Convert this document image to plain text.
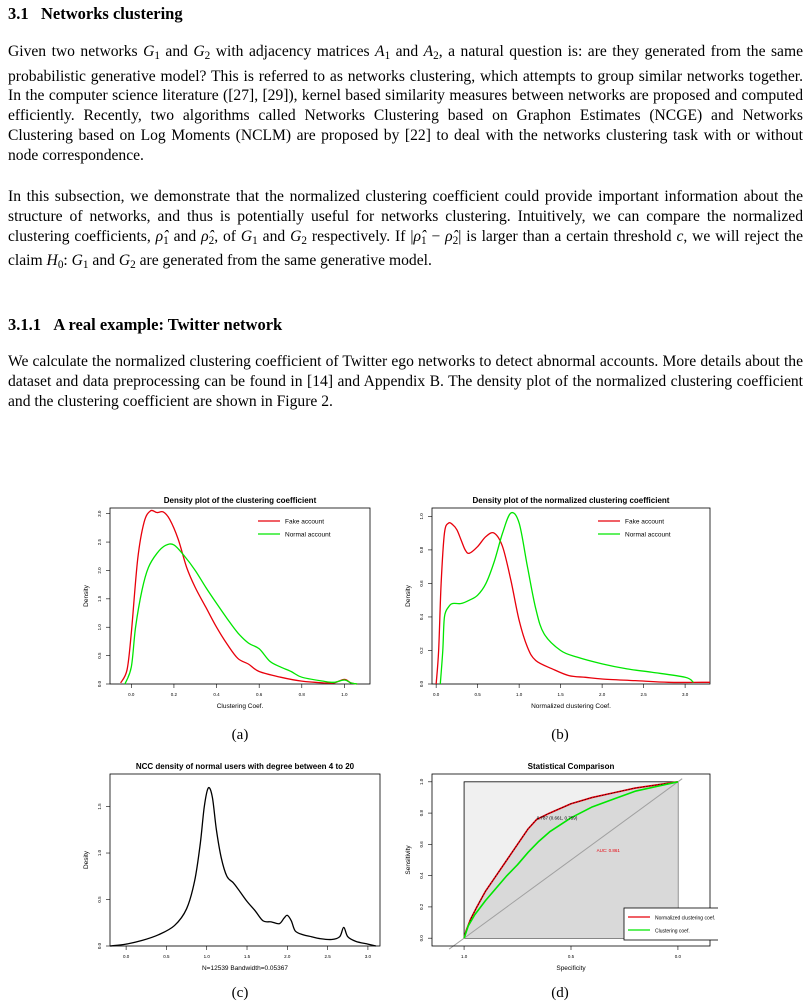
3.1 Networks clustering

Given two networks $G_1$ and $G_2$ with adjacency matrices $A_1$ and $A_2$, a natural question is: are they generated from the same probabilistic generative model? This is referred to as networks clustering, which attempts to group similar networks together. In the computer science literature ([27], [29]), kernel based similarity measures between networks are proposed and computed efficiently. Recently, two algorithms called Networks Clustering based on Graphon Estimates (NCGE) and Networks Clustering based on Log Moments (NCLM) are proposed by [22] to deal with the networks clustering task with or without node correspondence.

In this subsection, we demonstrate that the normalized clustering coefficient could provide important information about the structure of networks, and thus is potentially useful for networks clustering. Intuitively, we can compare the normalized clustering coefficients, $\rhô_1$ and $\rhô_2$, of $G_1$ and $G_2$ respectively. If $|\rhô_1$ − $\rhô_2|$ is larger than a certain threshold c, we will reject the claim $H_0$: $G_1$ and $G_2$ are generated from the same generative model.

3.1.1 A real example: Twitter network

We calculate the normalized clustering coefficient of Twitter ego networks to detect abnormal accounts. More details about the dataset and data preprocessing can be found in [14] and Appendix B. The density plot of the normalized clustering coefficient and the clustering coefficient are shown in Figure 2.

Density plot of the clustering coefficient
0.0	0.2	0.4	0.6	0.8	1.0
0.0
0.5
1.0
1.5
2.0
2.5
3.0
Clustering Coef.
Density
Fake account
Normal account
Density plot of the normalized clustering coefficient
0.0	0.5	1.0	1.5	2.0	2.5	3.0
0.0
0.2
0.4
0.6
0.8
1.0
Normalized clustering Coef.
Density
Fake account
Normal account
NCC density of normal users with degree between 4 to 20
0.0	0.5	1.0	1.5	2.0	2.5	3.0
0.0
0.5
1.0
1.5
N=12539 Bandwidth=0.05367
Desity
Statistical Comparison
1.0	0.5	0.0
0.0
0.2
0.4
0.6
0.8
1.0
Specificity
Sensitivity
0.787 (0.661, 0.759)
AUC: 0.861
Normalized clustering coef.
Clustering coef.
(a)	(b)
(c)	(d)
